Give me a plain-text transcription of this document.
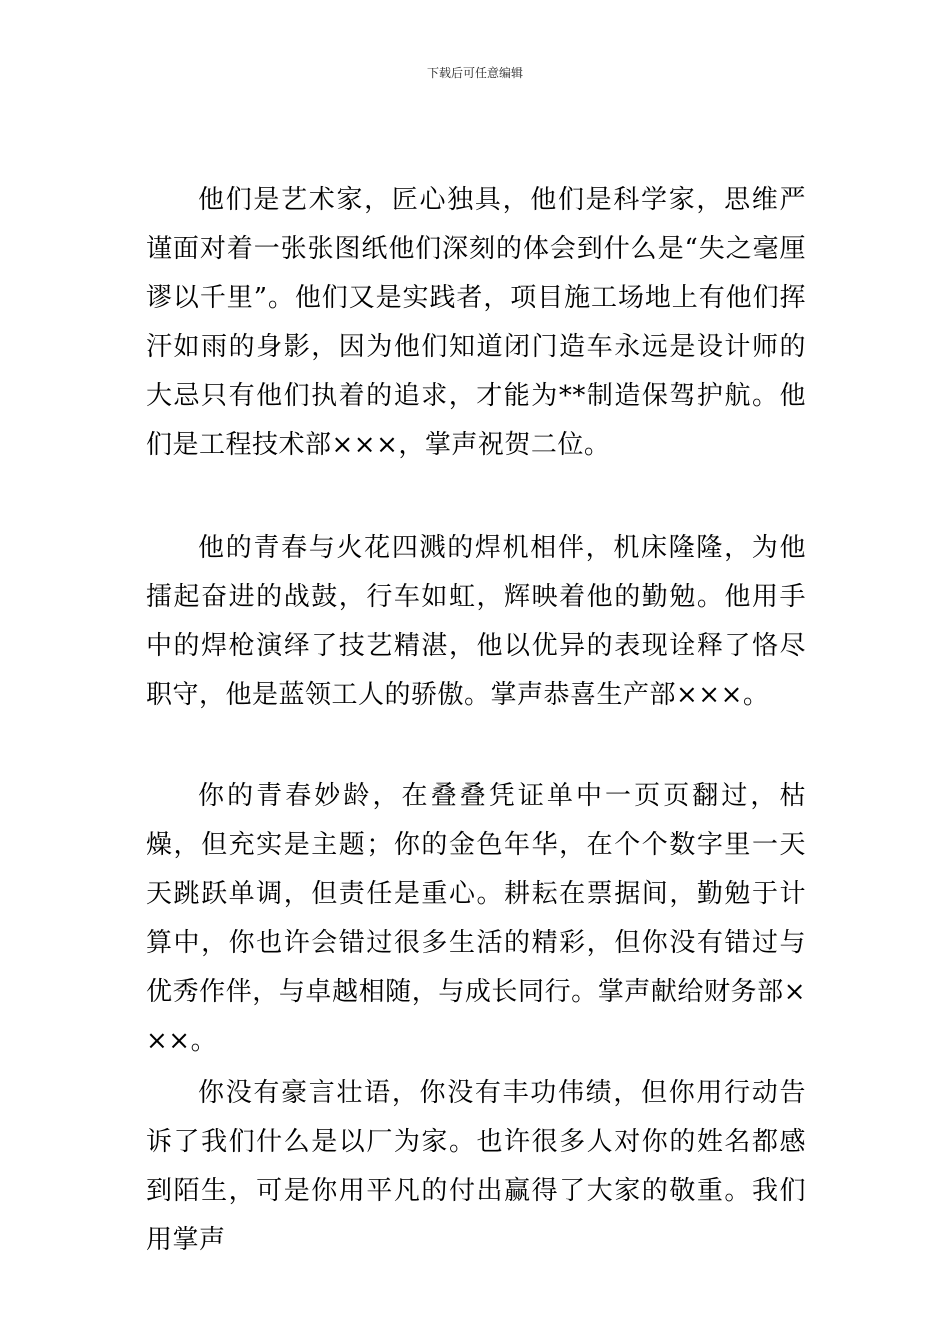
下载后可任意编辑

他们是艺术家，匠心独具，他们是科学家，思维严谨面对着一张张图纸他们深刻的体会到什么是“失之毫厘谬以千里”。他们又是实践者，项目施工场地上有他们挥汗如雨的身影，因为他们知道闭门造车永远是设计师的大忌只有他们执着的追求，才能为**制造保驾护航。他们是工程技术部×××，掌声祝贺二位。

他的青春与火花四溅的焊机相伴，机床隆隆，为他擂起奋进的战鼓，行车如虹，辉映着他的勤勉。他用手中的焊枪演绎了技艺精湛，他以优异的表现诠释了恪尽职守，他是蓝领工人的骄傲。掌声恭喜生产部×××。

你的青春妙龄，在叠叠凭证单中一页页翻过，枯燥，但充实是主题；你的金色年华，在个个数字里一天天跳跃单调，但责任是重心。耕耘在票据间，勤勉于计算中，你也许会错过很多生活的精彩，但你没有错过与优秀作伴，与卓越相随，与成长同行。掌声献给财务部×××。

你没有豪言壮语，你没有丰功伟绩，但你用行动告诉了我们什么是以厂为家。也许很多人对你的姓名都感到陌生，可是你用平凡的付出赢得了大家的敬重。我们用掌声
